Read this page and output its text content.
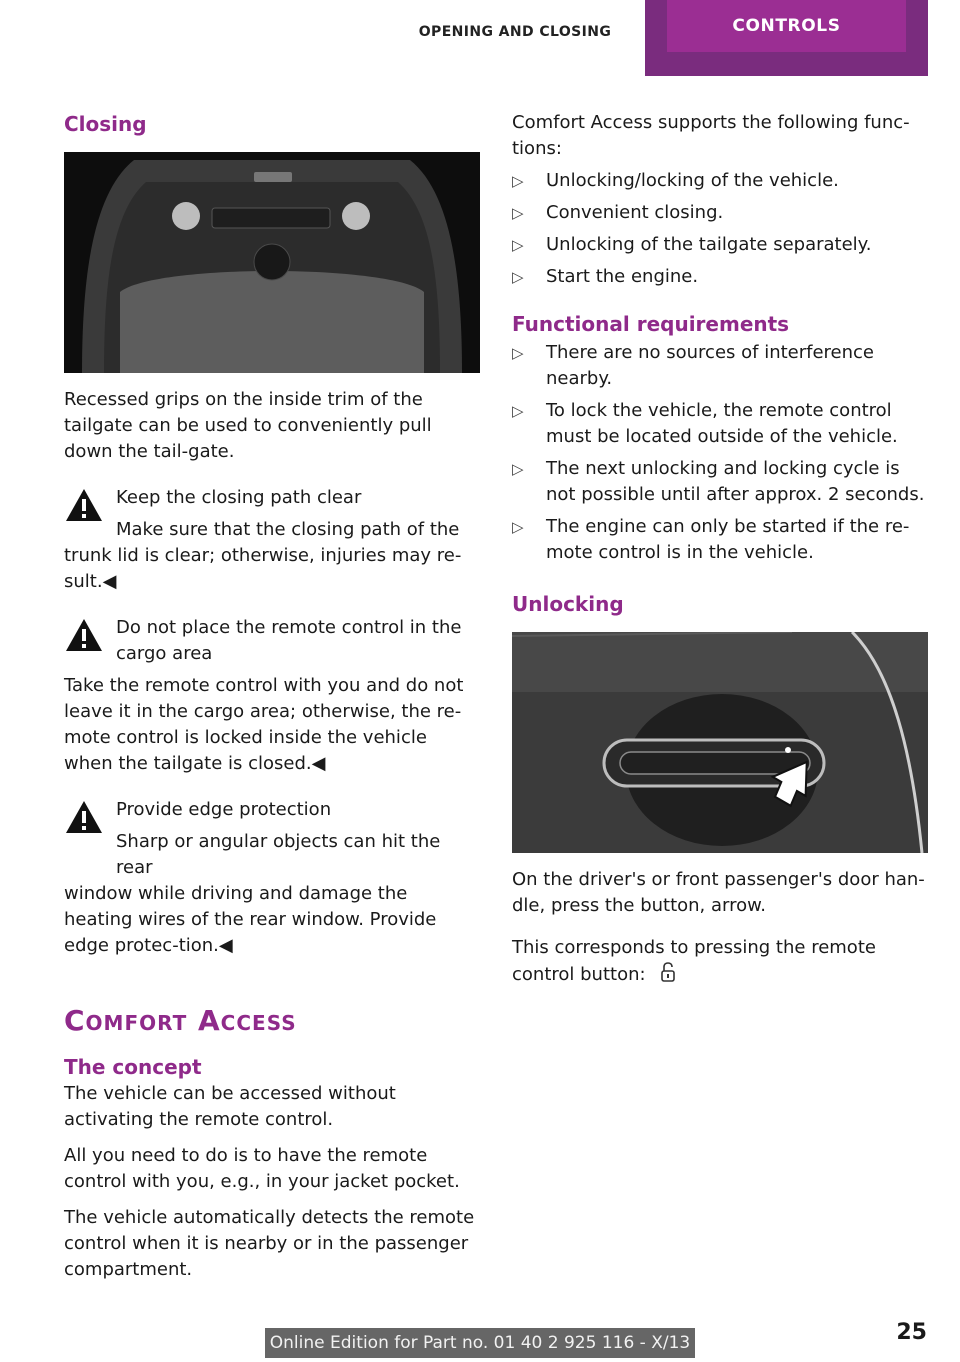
OPENING AND CLOSING	CONTROLS
Closing

Recessed grips on the inside trim of the tailgate can be used to conveniently pull down the tail‐gate.

Keep the closing path clear
Make sure that the closing path of the
trunk lid is clear; otherwise, injuries may re‐sult.◀
Do not place the remote control in the cargo area
Take the remote control with you and do not leave it in the cargo area; otherwise, the re‐mote control is locked inside the vehicle when the tailgate is closed.◀
Provide edge protection
Sharp or angular objects can hit the rear
window while driving and damage the heating wires of the rear window. Provide edge protec‐tion.◀
Comfort Access
The concept

The vehicle can be accessed without activating the remote control.

All you need to do is to have the remote control with you, e.g., in your jacket pocket.

The vehicle automatically detects the remote control when it is nearby or in the passenger compartment.

Comfort Access supports the following func‐tions:

▷ Unlocking/locking of the vehicle.
▷ Convenient closing.
▷ Unlocking of the tailgate separately.
▷ Start the engine.
Functional requirements
▷ There are no sources of interference nearby.
▷ To lock the vehicle, the remote control must be located outside of the vehicle.
▷ The next unlocking and locking cycle is not possible until after approx. 2 seconds.
▷ The engine can only be started if the re‐mote control is in the vehicle.
Unlocking

On the driver's or front passenger's door han‐dle, press the button, arrow.

This corresponds to pressing the remote control button:

Online Edition for Part no. 01 40 2 925 116 - X/13	25
